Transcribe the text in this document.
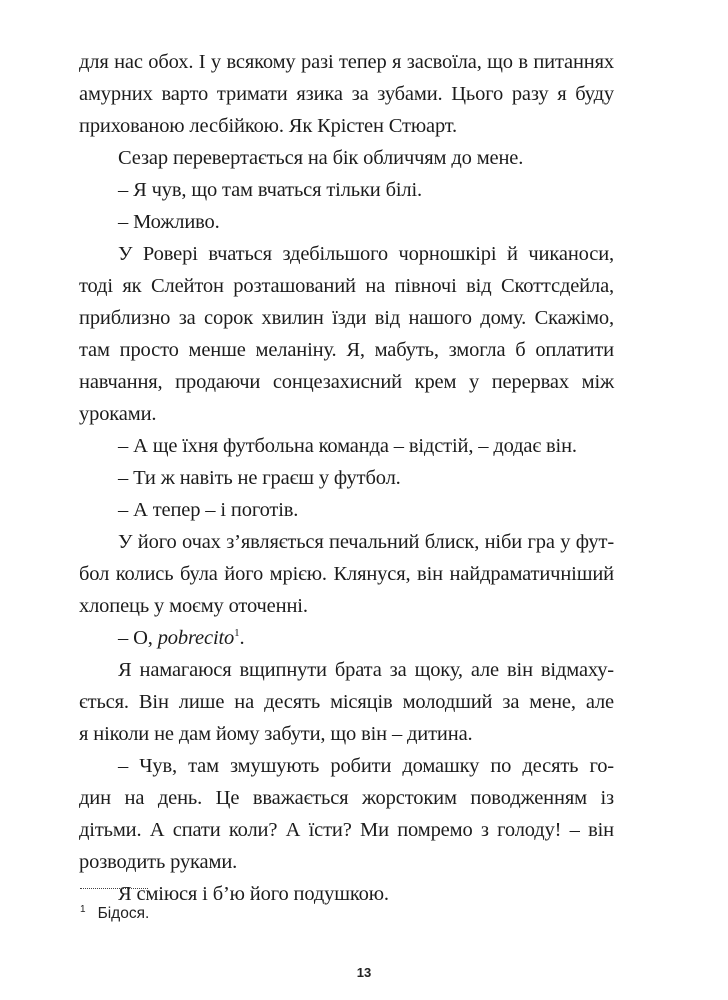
для нас обох. І у всякому разі тепер я засвоїла, що в питаннях
амурних варто тримати язика за зубами. Цього разу я буду
прихованою лесбійкою. Як Крістен Стюарт.
Сезар перевертається на бік обличчям до мене.
– Я чув, що там вчаться тільки білі.
– Можливо.
У Ровері вчаться здебільшого чорношкірі й чиканоси,
тоді як Слейтон розташований на півночі від Скоттсдейла,
приблизно за сорок хвилин їзди від нашого дому. Скажімо,
там просто менше меланіну. Я, мабуть, змогла б оплатити
навчання, продаючи сонцезахисний крем у перервах між
уроками.
– А ще їхня футбольна команда – відстій, – додає він.
– Ти ж навіть не граєш у футбол.
– А тепер – і поготів.
У його очах з’являється печальний блиск, ніби гра у фут-
бол колись була його мрією. Клянуся, він найдраматичніший
хлопець у моєму оточенні.
– О, pobrecito$^1$.
Я намагаюся вщипнути брата за щоку, але він відмаху-
ється. Він лише на десять місяців молодший за мене, але
я ніколи не дам йому забути, що він – дитина.
– Чув, там змушують робити домашку по десять го-
дин на день. Це вважається жорстоким поводженням із
дітьми. А спати коли? А їсти? Ми помремо з голоду! – він
розводить руками.
Я сміюся і б’ю його подушкою.
$^1$ Бідося.
13
